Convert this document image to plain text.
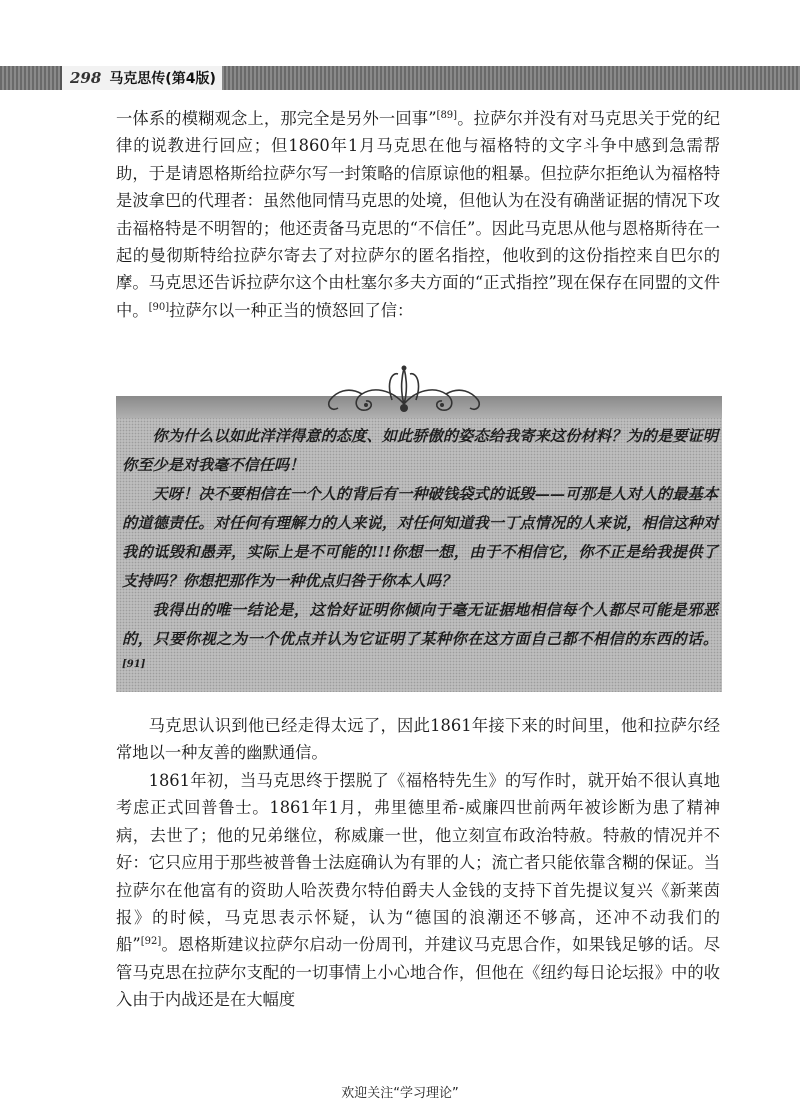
298 马克思传(第4版)

一体系的模糊观念上，那完全是另外一回事”[89]。拉萨尔并没有对马克思关于党的纪律的说教进行回应；但1860年1月马克思在他与福格特的文字斗争中感到急需帮助，于是请恩格斯给拉萨尔写一封策略的信原谅他的粗暴。但拉萨尔拒绝认为福格特是波拿巴的代理者：虽然他同情马克思的处境，但他认为在没有确凿证据的情况下攻击福格特是不明智的；他还责备马克思的“不信任”。因此马克思从他与恩格斯待在一起的曼彻斯特给拉萨尔寄去了对拉萨尔的匿名指控，他收到的这份指控来自巴尔的摩。马克思还告诉拉萨尔这个由杜塞尔多夫方面的“正式指控”现在保存在同盟的文件中。[90]拉萨尔以一种正当的愤怒回了信：

你为什么以如此洋洋得意的态度、如此骄傲的姿态给我寄来这份材料？为的是要证明你至少是对我毫不信任吗！

天呀！决不要相信在一个人的背后有一种破钱袋式的诋毁——可那是人对人的最基本的道德责任。对任何有理解力的人来说，对任何知道我一丁点情况的人来说，相信这种对我的诋毁和愚弄，实际上是不可能的!!!你想一想，由于不相信它，你不正是给我提供了支持吗？你想把那作为一种优点归咎于你本人吗？

我得出的唯一结论是，这恰好证明你倾向于毫无证据地相信每个人都尽可能是邪恶的，只要你视之为一个优点并认为它证明了某种你在这方面自己都不相信的东西的话。[91]

马克思认识到他已经走得太远了，因此1861年接下来的时间里，他和拉萨尔经常地以一种友善的幽默通信。

1861年初，当马克思终于摆脱了《福格特先生》的写作时，就开始不很认真地考虑正式回普鲁士。1861年1月，弗里德里希-威廉四世前两年被诊断为患了精神病，去世了；他的兄弟继位，称威廉一世，他立刻宣布政治特赦。特赦的情况并不好：它只应用于那些被普鲁士法庭确认为有罪的人；流亡者只能依靠含糊的保证。当拉萨尔在他富有的资助人哈茨费尔特伯爵夫人金钱的支持下首先提议复兴《新莱茵报》的时候，马克思表示怀疑，认为“德国的浪潮还不够高，还冲不动我们的船”[92]。恩格斯建议拉萨尔启动一份周刊，并建议马克思合作，如果钱足够的话。尽管马克思在拉萨尔支配的一切事情上小心地合作，但他在《纽约每日论坛报》中的收入由于内战还是在大幅度

欢迎关注“学习理论”
